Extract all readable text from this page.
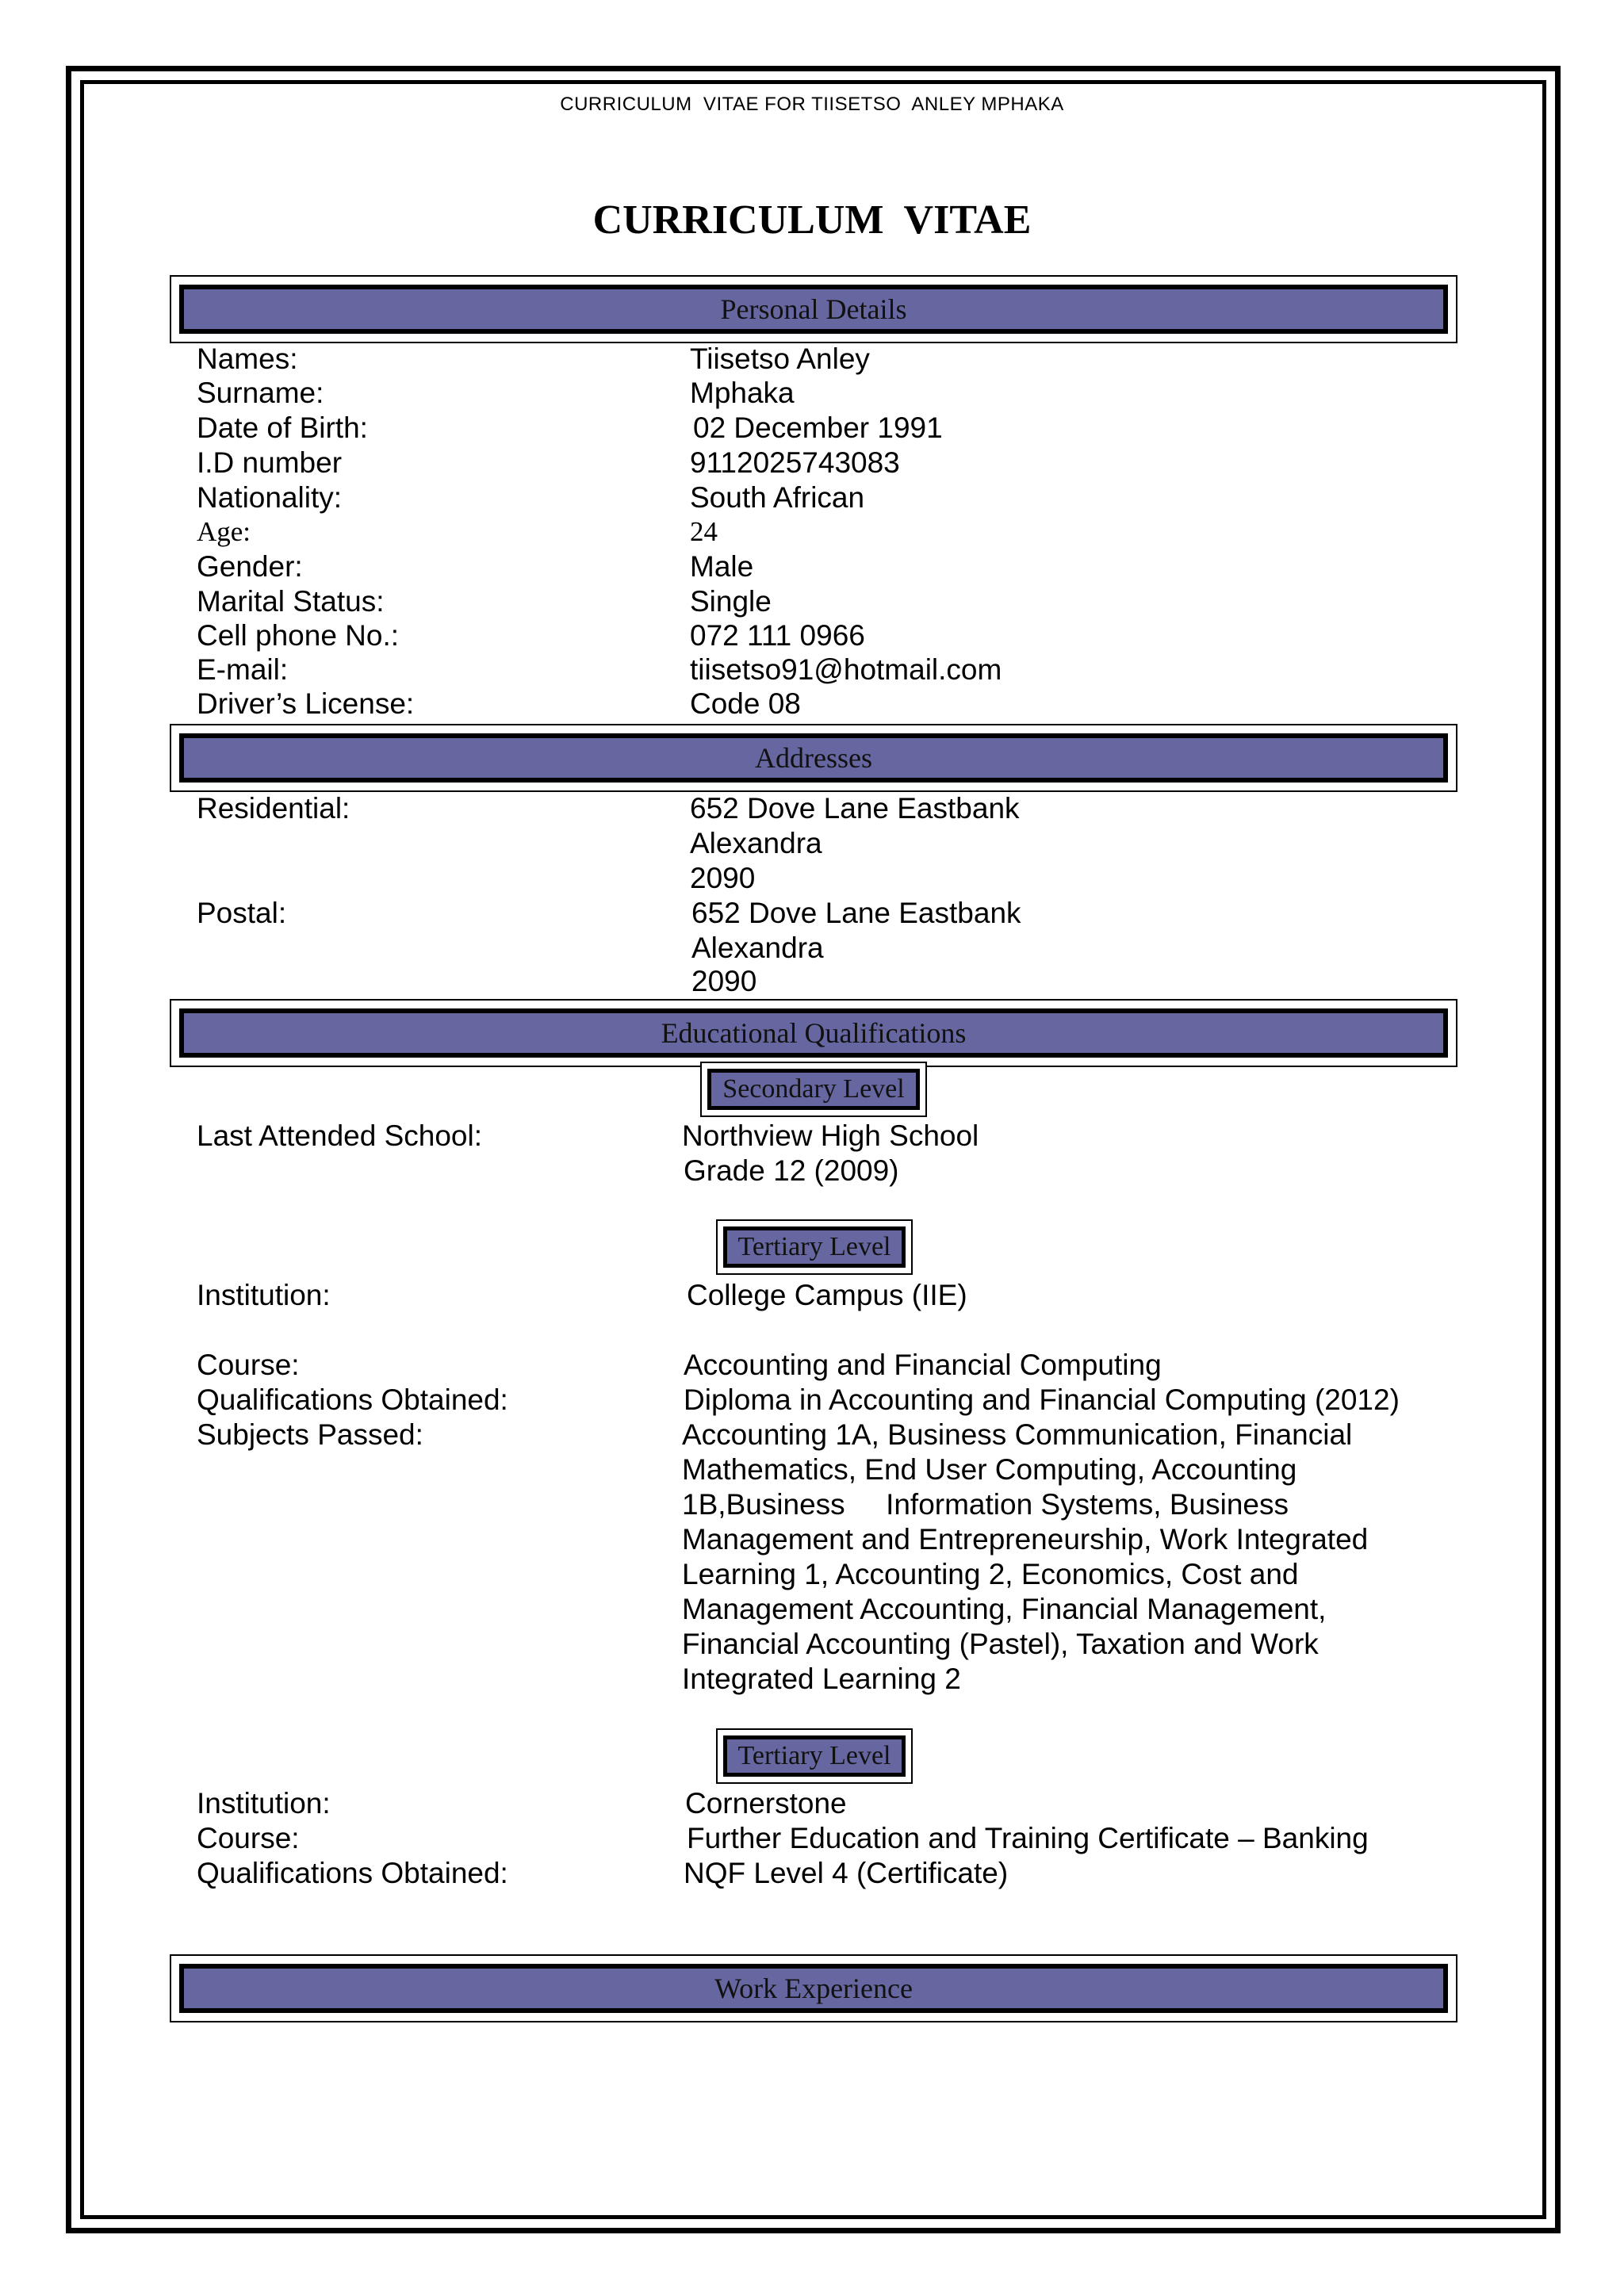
CURRICULUM  VITAE FOR TIISETSO  ANLEY MPHAKA
CURRICULUM  VITAE
Personal Details
Names:	Tiisetso Anley
Surname:	Mphaka
Date of Birth:	02 December 1991
I.D number	9112025743083
Nationality:	South African
Age:	24
Gender:	Male
Marital Status:	Single
Cell phone No.:	072 111 0966
E-mail:	tiisetso91@hotmail.com
Driver’s License:	Code 08
Addresses
Residential:	652 Dove Lane Eastbank
Alexandra
2090
Postal:	652 Dove Lane Eastbank
Alexandra
2090
Educational Qualifications
Secondary Level
Last Attended School:	Northview High School
Grade 12 (2009)
Tertiary Level
Institution:	College Campus (IIE)
Course:	Accounting and Financial Computing
Qualifications Obtained:	Diploma in Accounting and Financial Computing (2012)
Subjects Passed:	Accounting 1A, Business Communication, Financial
Mathematics, End User Computing, Accounting
1B,Business     Information Systems, Business
Management and Entrepreneurship, Work Integrated
Learning 1, Accounting 2, Economics, Cost and
Management Accounting, Financial Management,
Financial Accounting (Pastel), Taxation and Work
Integrated Learning 2
Tertiary Level
Institution:	Cornerstone
Course:	Further Education and Training Certificate – Banking
Qualifications Obtained:	NQF Level 4 (Certificate)
Work Experience
